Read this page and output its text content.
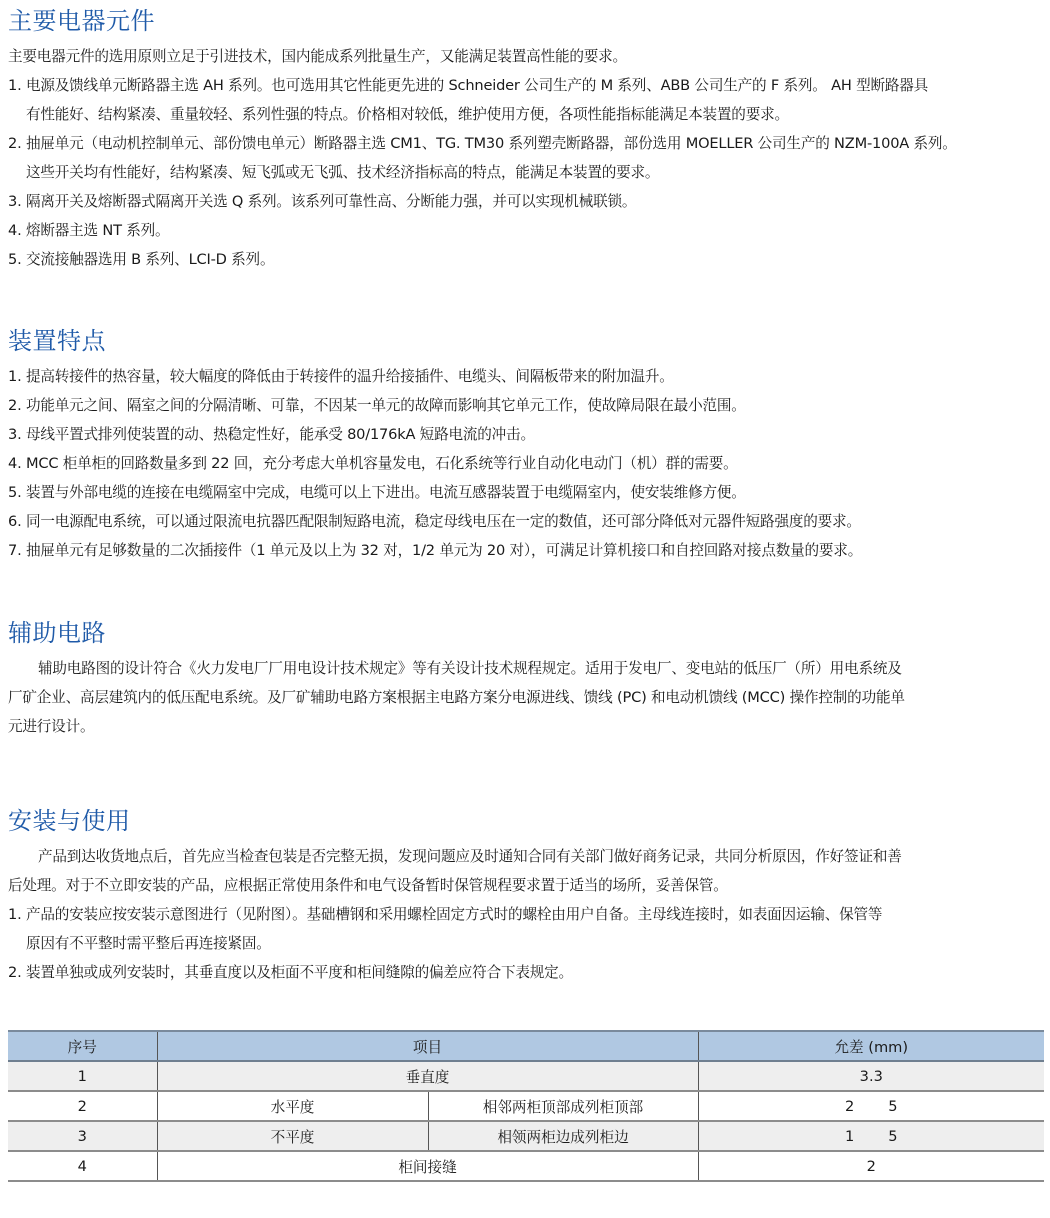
主要电器元件
主要电器元件的选用原则立足于引进技术，国内能成系列批量生产，又能满足装置高性能的要求。
1. 电源及馈线单元断路器主选 AH 系列。也可选用其它性能更先进的 Schneider 公司生产的 M 系列、ABB 公司生产的 F 系列。 AH 型断路器具
有性能好、结构紧凑、重量较轻、系列性强的特点。价格相对较低，维护使用方便，各项性能指标能满足本装置的要求。
2. 抽屉单元（电动机控制单元、部份馈电单元）断路器主选 CM1、TG. TM30 系列塑壳断路器，部份选用 MOELLER 公司生产的 NZM-100A 系列。
这些开关均有性能好，结构紧凑、短飞弧或无飞弧、技术经济指标高的特点，能满足本装置的要求。
3. 隔离开关及熔断器式隔离开关选 Q 系列。该系列可靠性高、分断能力强，并可以实现机械联锁。
4. 熔断器主选 NT 系列。
5. 交流接触器选用 B 系列、LCI-D 系列。
装置特点
1. 提高转接件的热容量，较大幅度的降低由于转接件的温升给接插件、电缆头、间隔板带来的附加温升。
2. 功能单元之间、隔室之间的分隔清晰、可靠，不因某一单元的故障而影响其它单元工作，使故障局限在最小范围。
3. 母线平置式排列使装置的动、热稳定性好，能承受 80/176kA 短路电流的冲击。
4. MCC 柜单柜的回路数量多到 22 回，充分考虑大单机容量发电，石化系统等行业自动化电动门（机）群的需要。
5. 装置与外部电缆的连接在电缆隔室中完成，电缆可以上下进出。电流互感器装置于电缆隔室内，使安装维修方便。
6. 同一电源配电系统，可以通过限流电抗器匹配限制短路电流，稳定母线电压在一定的数值，还可部分降低对元器件短路强度的要求。
7. 抽屉单元有足够数量的二次插接件（1 单元及以上为 32 对，1/2 单元为 20 对），可满足计算机接口和自控回路对接点数量的要求。
辅助电路
辅助电路图的设计符合《火力发电厂厂用电设计技术规定》等有关设计技术规程规定。适用于发电厂、变电站的低压厂（所）用电系统及
厂矿企业、高层建筑内的低压配电系统。及厂矿辅助电路方案根据主电路方案分电源进线、馈线 (PC) 和电动机馈线 (MCC) 操作控制的功能单
元进行设计。
安装与使用
产品到达收货地点后，首先应当检查包装是否完整无损，发现问题应及时通知合同有关部门做好商务记录，共同分析原因，作好签证和善
后处理。对于不立即安装的产品，应根据正常使用条件和电气设备暂时保管规程要求置于适当的场所，妥善保管。
1. 产品的安装应按安装示意图进行（见附图）。基础槽钢和采用螺栓固定方式时的螺栓由用户自备。主母线连接时，如表面因运输、保管等
原因有不平整时需平整后再连接紧固。
2. 装置单独或成列安装时，其垂直度以及柜面不平度和柜间缝隙的偏差应符合下表规定。
序号	项目		允差 (mm)
1	垂直度		3.3
2	水平度	相邻两柜顶部成列柜顶部	2 5
3	不平度	相领两柜边成列柜边	1 5
4	柜间接缝		2
